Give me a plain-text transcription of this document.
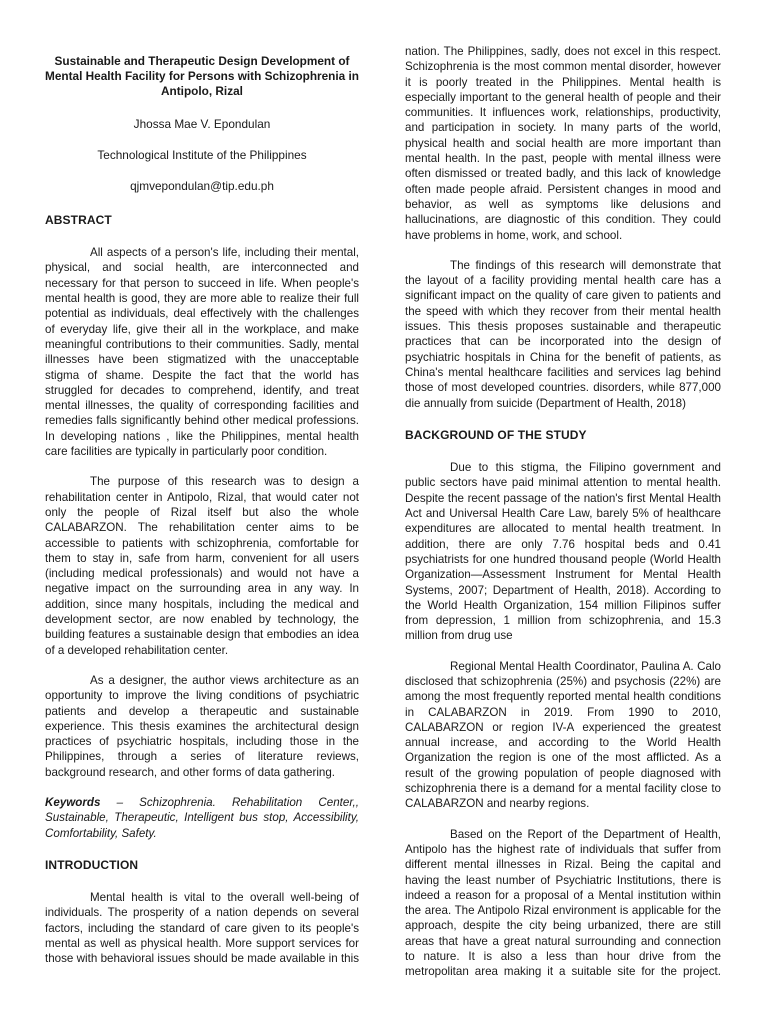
Sustainable and Therapeutic Design Development of Mental Health Facility for Persons with Schizophrenia in Antipolo, Rizal

Jhossa Mae V. Epondulan

Technological Institute of the Philippines

qjmvepondulan@tip.edu.ph

ABSTRACT

All aspects of a person's life, including their mental, physical, and social health, are interconnected and necessary for that person to succeed in life. When people's mental health is good, they are more able to realize their full potential as individuals, deal effectively with the challenges of everyday life, give their all in the workplace, and make meaningful contributions to their communities. Sadly, mental illnesses have been stigmatized with the unacceptable stigma of shame. Despite the fact that the world has struggled for decades to comprehend, identify, and treat mental illnesses, the quality of corresponding facilities and remedies falls significantly behind other medical professions. In developing nations , like the Philippines, mental health care facilities are typically in particularly poor condition.

The purpose of this research was to design a rehabilitation center in Antipolo, Rizal, that would cater not only the people of Rizal itself but also the whole CALABARZON. The rehabilitation center aims to be accessible to patients with schizophrenia, comfortable for them to stay in, safe from harm, convenient for all users (including medical professionals) and would not have a negative impact on the surrounding area in any way. In addition, since many hospitals, including the medical and development sector, are now enabled by technology, the building features a sustainable design that embodies an idea of a developed rehabilitation center.

As a designer, the author views architecture as an opportunity to improve the living conditions of psychiatric patients and develop a therapeutic and sustainable experience. This thesis examines the architectural design practices of psychiatric hospitals, including those in the Philippines, through a series of literature reviews, background research, and other forms of data gathering.

Keywords – Schizophrenia. Rehabilitation Center,, Sustainable, Therapeutic, Intelligent bus stop, Accessibility, Comfortability, Safety.

INTRODUCTION

Mental health is vital to the overall well-being of individuals. The prosperity of a nation depends on several factors, including the standard of care given to its people's mental as well as physical health. More support services for those with behavioral issues should be made available in this

nation. The Philippines, sadly, does not excel in this respect. Schizophrenia is the most common mental disorder, however it is poorly treated in the Philippines. Mental health is especially important to the general health of people and their communities. It influences work, relationships, productivity, and participation in society. In many parts of the world, physical health and social health are more important than mental health. In the past, people with mental illness were often dismissed or treated badly, and this lack of knowledge often made people afraid. Persistent changes in mood and behavior, as well as symptoms like delusions and hallucinations, are diagnostic of this condition. They could have problems in home, work, and school.

The findings of this research will demonstrate that the layout of a facility providing mental health care has a significant impact on the quality of care given to patients and the speed with which they recover from their mental health issues. This thesis proposes sustainable and therapeutic practices that can be incorporated into the design of psychiatric hospitals in China for the benefit of patients, as China's mental healthcare facilities and services lag behind those of most developed countries. disorders, while 877,000 die annually from suicide (Department of Health, 2018)

BACKGROUND OF THE STUDY

Due to this stigma, the Filipino government and public sectors have paid minimal attention to mental health. Despite the recent passage of the nation's first Mental Health Act and Universal Health Care Law, barely 5% of healthcare expenditures are allocated to mental health treatment. In addition, there are only 7.76 hospital beds and 0.41 psychiatrists for one hundred thousand people (World Health Organization—Assessment Instrument for Mental Health Systems, 2007; Department of Health, 2018). According to the World Health Organization, 154 million Filipinos suffer from depression, 1 million from schizophrenia, and 15.3 million from drug use

Regional Mental Health Coordinator, Paulina A. Calo disclosed that schizophrenia (25%) and psychosis (22%) are among the most frequently reported mental health conditions in CALABARZON in 2019. From 1990 to 2010, CALABARZON or region IV-A experienced the greatest annual increase, and according to the World Health Organization the region is one of the most afflicted. As a result of the growing population of people diagnosed with schizophrenia there is a demand for a mental facility close to CALABARZON and nearby regions.

Based on the Report of the Department of Health, Antipolo has the highest rate of individuals that suffer from different mental illnesses in Rizal. Being the capital and having the least number of Psychiatric Institutions, there is indeed a reason for a proposal of a Mental institution within the area. The Antipolo Rizal environment is applicable for the approach, despite the city being urbanized, there are still areas that have a great natural surrounding and connection to nature. It is also a less than hour drive from the metropolitan area making it a suitable site for the project.
